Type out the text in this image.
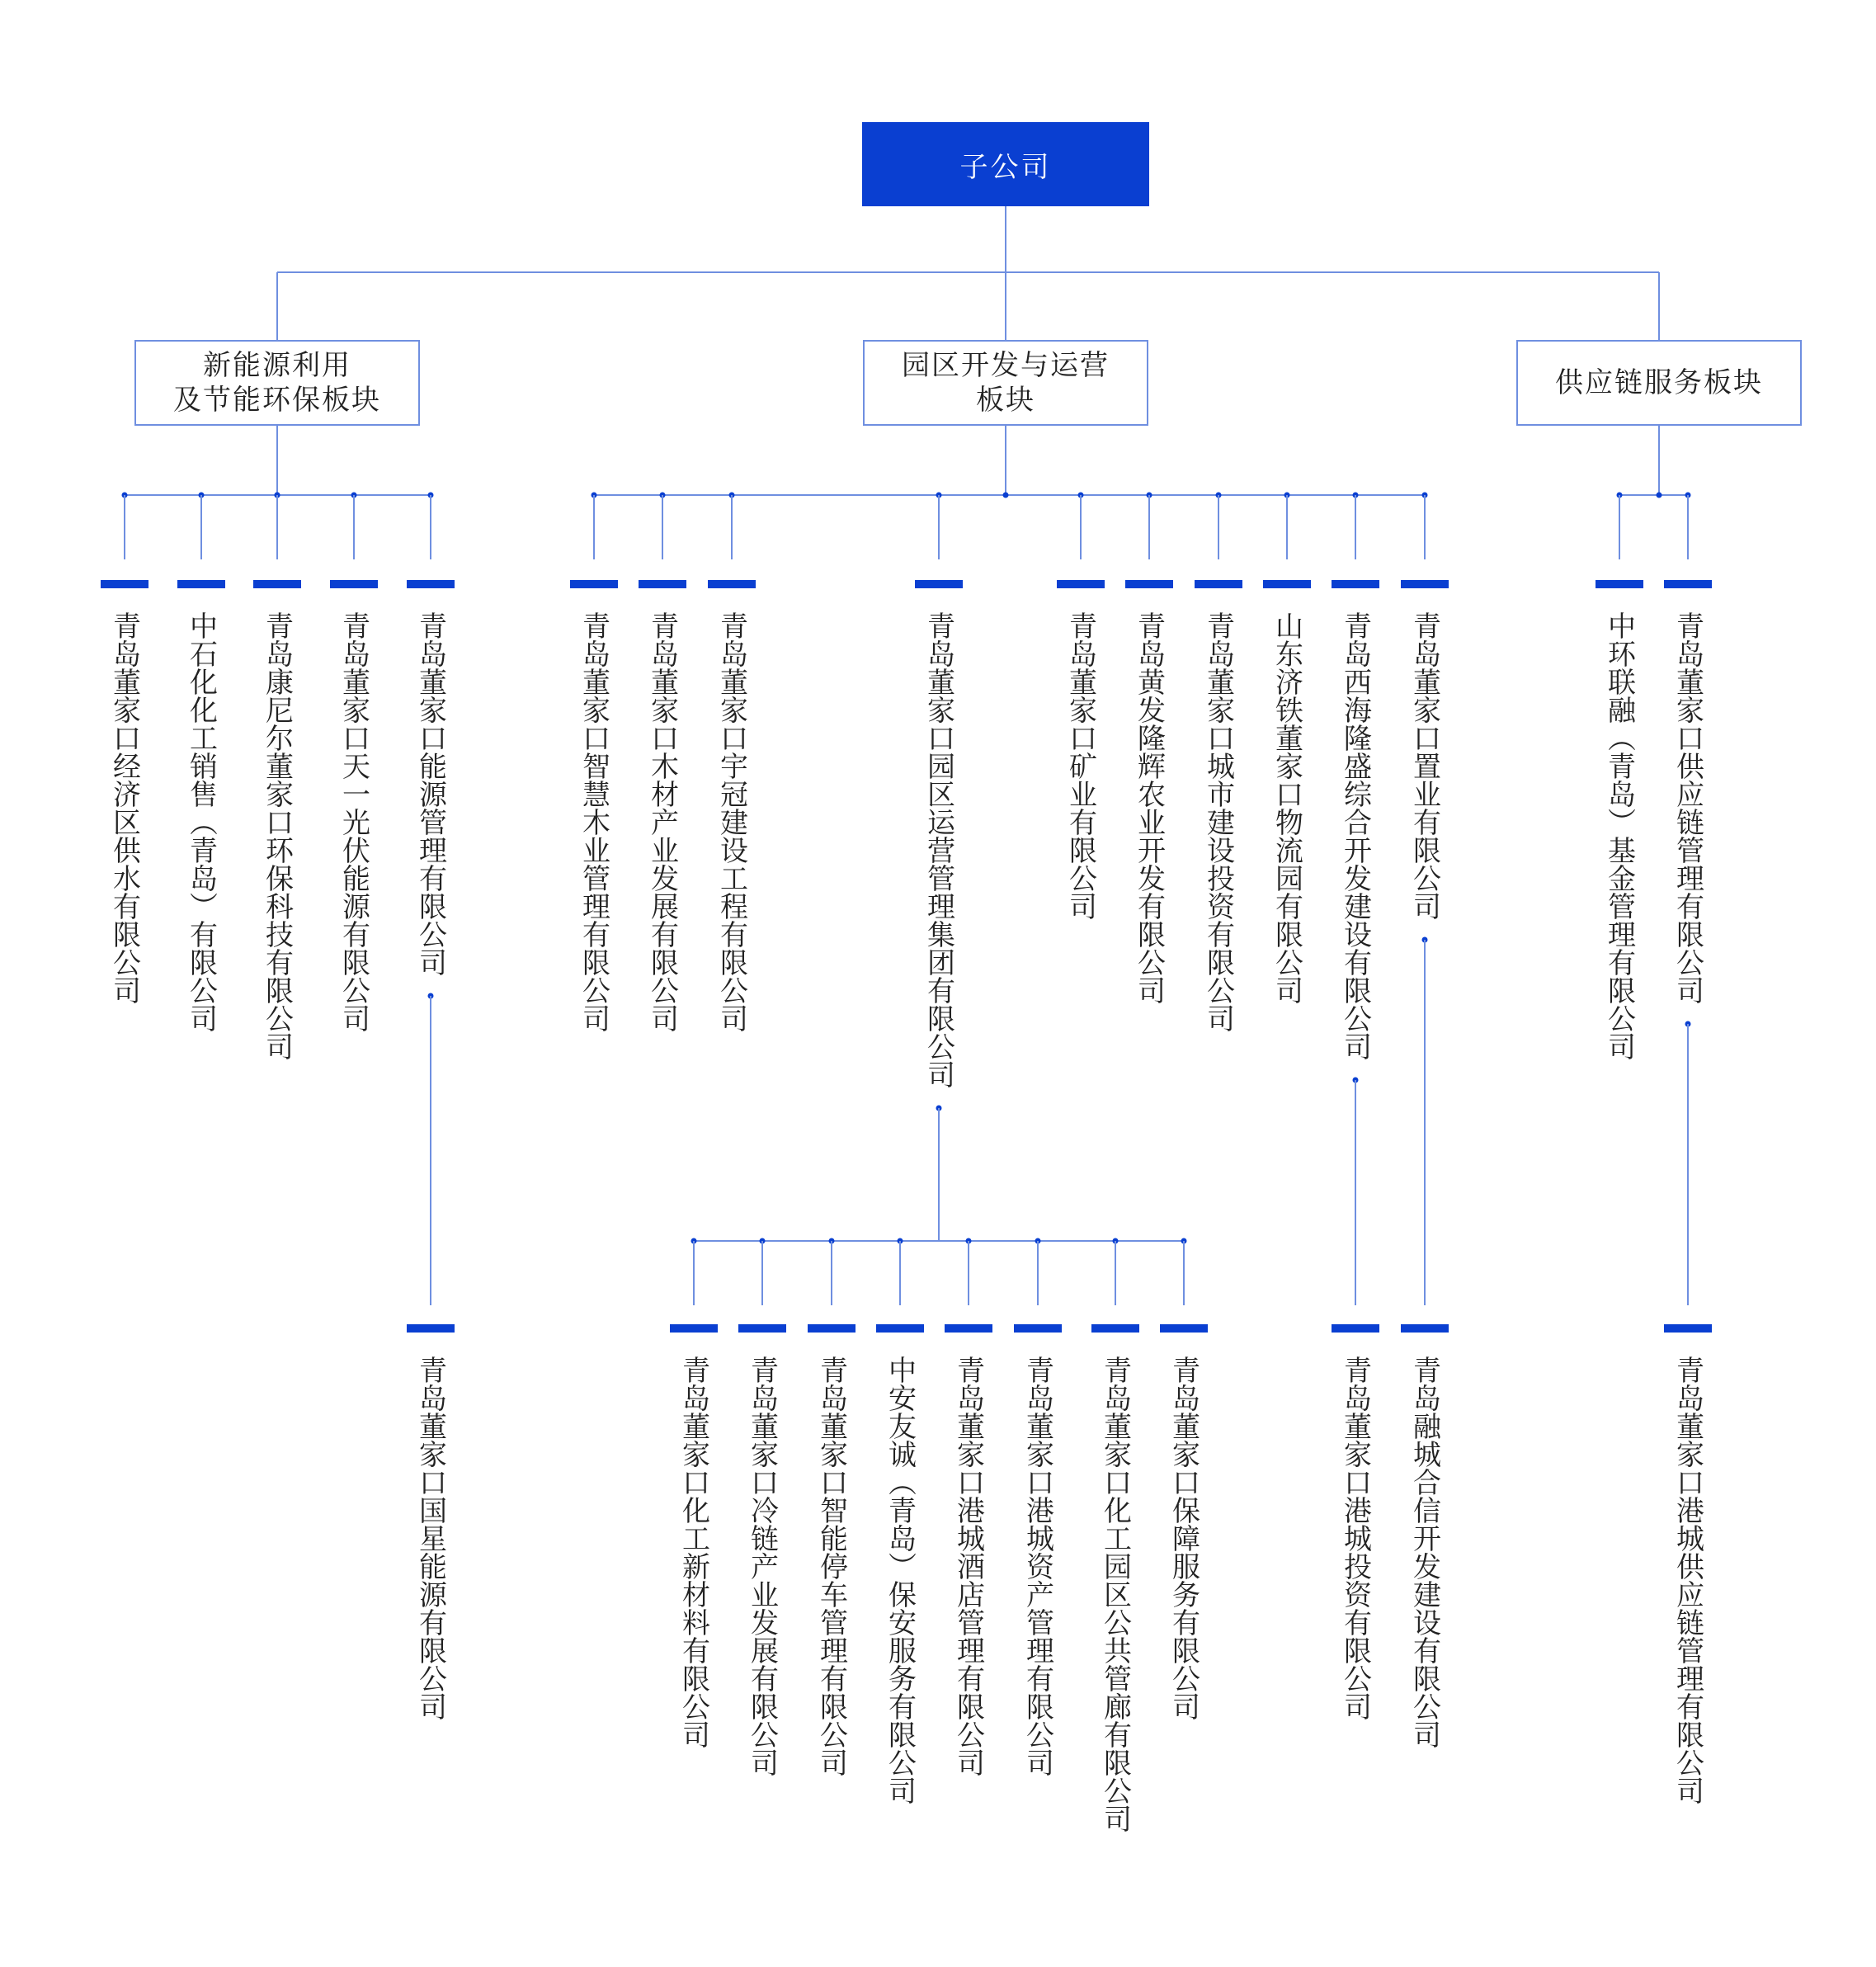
子公司
新能源利用
及节能环保板块
青岛董家口经济区供水有限公司 中石化化工销售（青岛）有限公司 青岛康尼尔董家口环保科技有限公司 青岛董家口天一光伏能源有限公司 青岛董家口能源管理有限公司
青岛董家口国星能源有限公司
园区开发与运营
板块
青岛董家口智慧木业管理有限公司 青岛董家口木材产业发展有限公司 青岛董家口宇冠建设工程有限公司	青岛董家口园区运营管理集团有限公司
青岛董家口化工新材料有限公司 青岛董家口冷链产业发展有限公司 青岛董家口智能停车管理有限公司 中安友诚（青岛）保安服务有限公司 青岛董家口港城酒店管理有限公司 青岛董家口港城资产管理有限公司 青岛董家口化工园区公共管廊有限公司 青岛董家口保障服务有限公司
青岛董家口矿业有限公司 青岛黄发隆辉农业开发有限公司 青岛董家口城市建设投资有限公司 山东济铁董家口物流园有限公司 青岛西海隆盛综合开发建设有限公司
青岛董家口港城投资有限公司
青岛董家口置业有限公司
青岛融城合信开发建设有限公司
供应链服务板块
中环联融（青岛）基金管理有限公司 青岛董家口供应链管理有限公司
青岛董家口港城供应链管理有限公司
